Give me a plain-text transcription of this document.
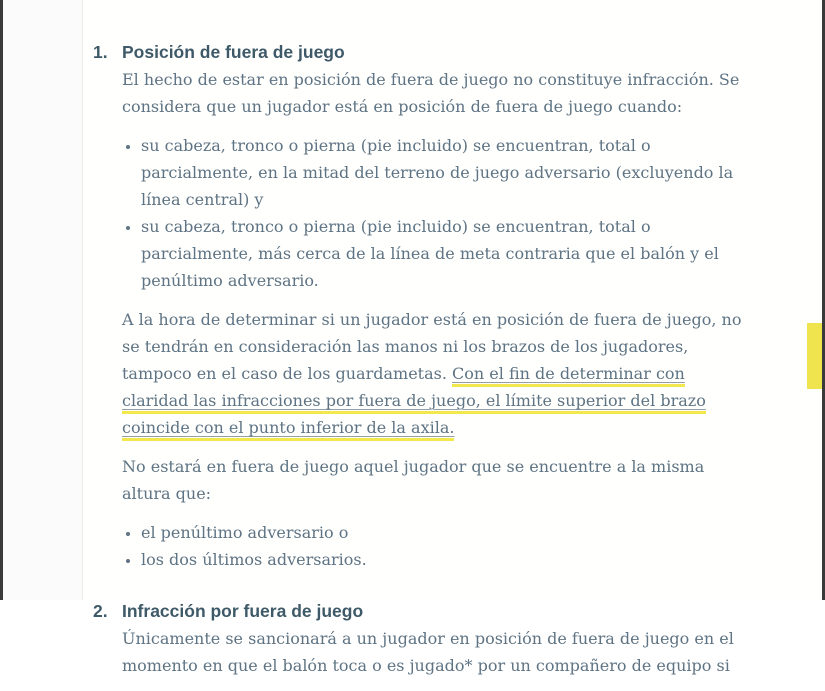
1. Posición de fuera de juego

El hecho de estar en posición de fuera de juego no constituye infracción. Se considera que un jugador está en posición de fuera de juego cuando:

• su cabeza, tronco o pierna (pie incluido) se encuentran, total o parcialmente, en la mitad del terreno de juego adversario (excluyendo la línea central) y
• su cabeza, tronco o pierna (pie incluido) se encuentran, total o parcialmente, más cerca de la línea de meta contraria que el balón y el penúltimo adversario.

A la hora de determinar si un jugador está en posición de fuera de juego, no se tendrán en consideración las manos ni los brazos de los jugadores, tampoco en el caso de los guardametas. Con el fin de determinar con claridad las infracciones por fuera de juego, el límite superior del brazo coincide con el punto inferior de la axila.

No estará en fuera de juego aquel jugador que se encuentre a la misma altura que:

• el penúltimo adversario o
• los dos últimos adversarios.
2. Infracción por fuera de juego

Únicamente se sancionará a un jugador en posición de fuera de juego en el momento en que el balón toca o es jugado* por un compañero de equipo si
